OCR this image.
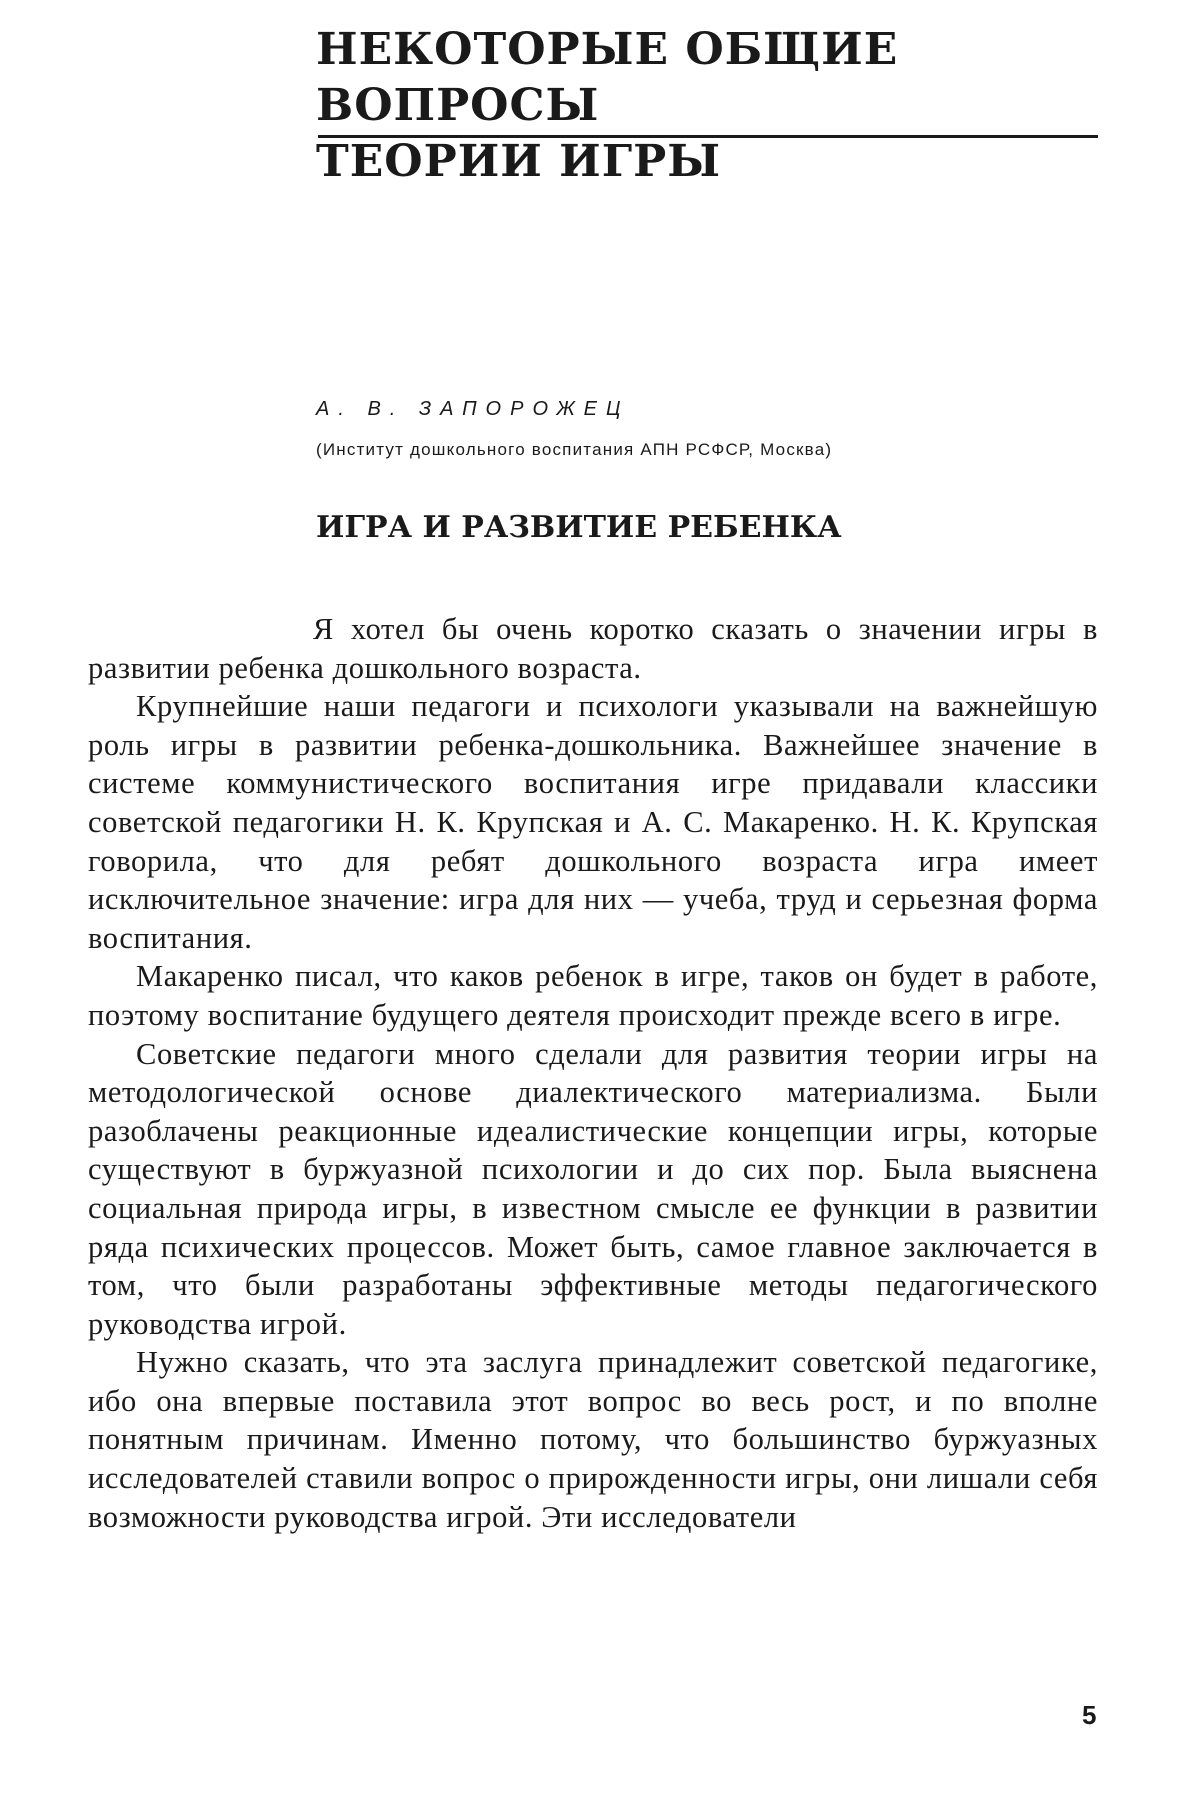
НЕКОТОРЫЕ ОБЩИЕ ВОПРОСЫ
ТЕОРИИ ИГРЫ
А. В. ЗАПОРОЖЕЦ
(Институт дошкольного воспитания АПН РСФСР, Москва)
ИГРА И РАЗВИТИЕ РЕБЕНКА

Я хотел бы очень коротко сказать о значении игры в развитии ребенка дошкольного возраста.

Крупнейшие наши педагоги и психологи указывали на важнейшую роль игры в развитии ребенка-дошкольника. Важнейшее значение в системе коммунистического воспитания игре придавали классики советской педагогики Н. К. Крупская и А. С. Макаренко. Н. К. Крупская говорила, что для ребят дошкольного возраста игра имеет исключительное значение: игра для них — учеба, труд и серьезная форма воспитания.

Макаренко писал, что каков ребенок в игре, таков он будет в работе, поэтому воспитание будущего деятеля происходит прежде всего в игре.

Советские педагоги много сделали для развития теории игры на методологической основе диалектического материализма. Были разоблачены реакционные идеалистические концепции игры, которые существуют в буржуазной психологии и до сих пор. Была выяснена социальная природа игры, в известном смысле ее функции в развитии ряда психических процессов. Может быть, самое главное заключается в том, что были разработаны эффективные методы педагогического руководства игрой.

Нужно сказать, что эта заслуга принадлежит советской педагогике, ибо она впервые поставила этот вопрос во весь рост, и по вполне понятным причинам. Именно потому, что большинство буржуазных исследователей ставили вопрос о прирожденности игры, они лишали себя возможности руководства игрой. Эти исследователи

5
